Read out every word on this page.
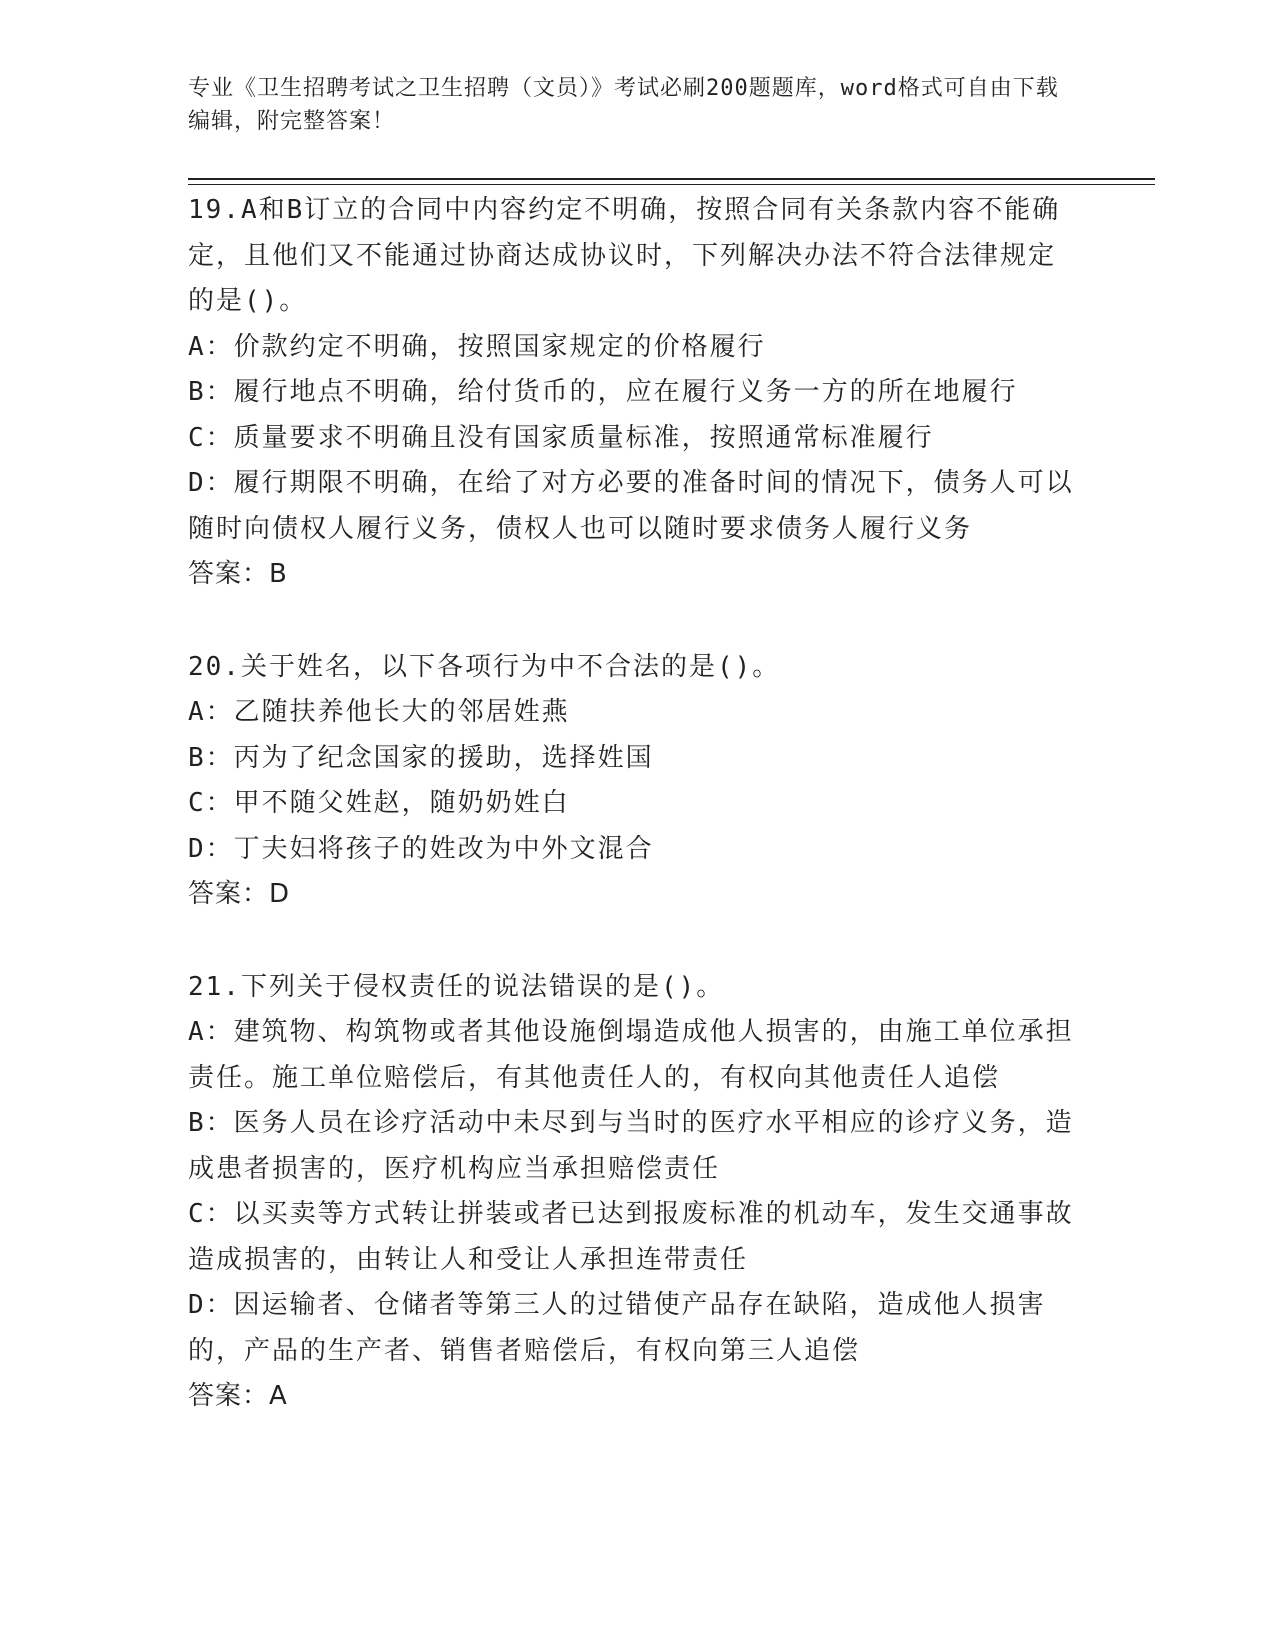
专业《卫生招聘考试之卫生招聘（文员）》考试必刷200题题库，word格式可自由下载编辑，附完整答案！
19.A和B订立的合同中内容约定不明确，按照合同有关条款内容不能确定，且他们又不能通过协商达成协议时，下列解决办法不符合法律规定的是()。
A：价款约定不明确，按照国家规定的价格履行
B：履行地点不明确，给付货币的，应在履行义务一方的所在地履行
C：质量要求不明确且没有国家质量标准，按照通常标准履行
D：履行期限不明确，在给了对方必要的准备时间的情况下，债务人可以随时向债权人履行义务，债权人也可以随时要求债务人履行义务
答案：B
20.关于姓名，以下各项行为中不合法的是()。
A：乙随扶养他长大的邻居姓燕
B：丙为了纪念国家的援助，选择姓国
C：甲不随父姓赵，随奶奶姓白
D：丁夫妇将孩子的姓改为中外文混合
答案：D
21.下列关于侵权责任的说法错误的是()。
A：建筑物、构筑物或者其他设施倒塌造成他人损害的，由施工单位承担责任。施工单位赔偿后，有其他责任人的，有权向其他责任人追偿
B：医务人员在诊疗活动中未尽到与当时的医疗水平相应的诊疗义务，造成患者损害的，医疗机构应当承担赔偿责任
C：以买卖等方式转让拼装或者已达到报废标准的机动车，发生交通事故造成损害的，由转让人和受让人承担连带责任
D：因运输者、仓储者等第三人的过错使产品存在缺陷，造成他人损害的，产品的生产者、销售者赔偿后，有权向第三人追偿
答案：A
